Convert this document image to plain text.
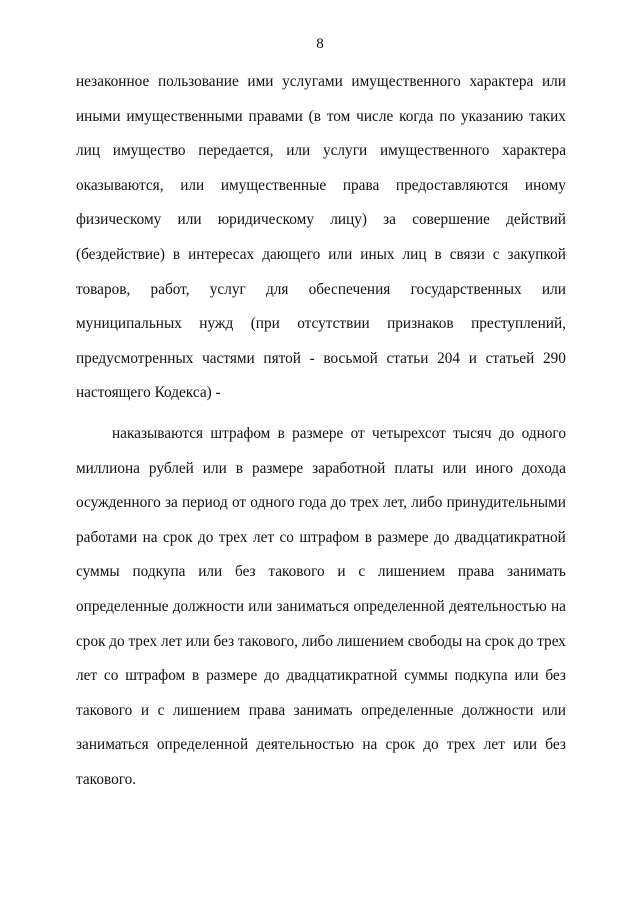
8
незаконное пользование ими услугами имущественного характера или
иными имущественными правами (в том числе когда по указанию таких
лиц имущество передается, или услуги имущественного характера
оказываются, или имущественные права предоставляются иному
физическому или юридическому лицу) за совершение действий
(бездействие) в интересах дающего или иных лиц в связи с закупкой
товаров, работ, услуг для обеспечения государственных или
муниципальных нужд (при отсутствии признаков преступлений,
предусмотренных частями пятой - восьмой статьи 204 и статьей 290
настоящего Кодекса) -
наказываются штрафом в размере от четырехсот тысяч до одного
миллиона рублей или в размере заработной платы или иного дохода
осужденного за период от одного года до трех лет, либо принудительными
работами на срок до трех лет со штрафом в размере до двадцатикратной
суммы подкупа или без такового и с лишением права занимать
определенные должности или заниматься определенной деятельностью на
срок до трех лет или без такового, либо лишением свободы на срок до трех
лет со штрафом в размере до двадцатикратной суммы подкупа или без
такового и с лишением права занимать определенные должности или
заниматься определенной деятельностью на срок до трех лет или без
такового.
